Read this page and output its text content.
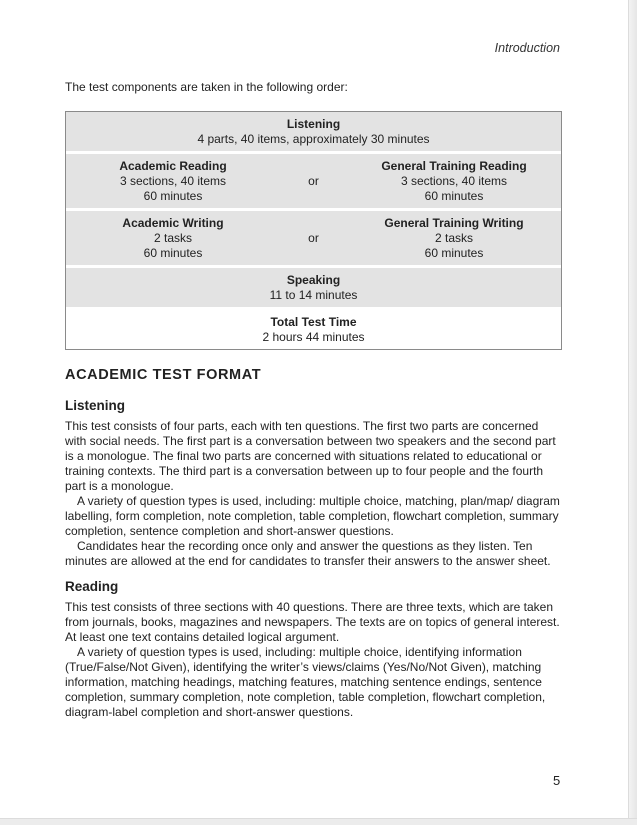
Introduction
The test components are taken in the following order:
Listening
4 parts, 40 items, approximately 30 minutes
Academic Reading
3 sections, 40 items
60 minutes
or
General Training Reading
3 sections, 40 items
60 minutes
Academic Writing
2 tasks
60 minutes
or
General Training Writing
2 tasks
60 minutes
Speaking
11 to 14 minutes
Total Test Time
2 hours 44 minutes
ACADEMIC TEST FORMAT
Listening

This test consists of four parts, each with ten questions. The first two parts are concerned with social needs. The first part is a conversation between two speakers and the second part is a monologue. The final two parts are concerned with situations related to educational or training contexts. The third part is a conversation between up to four people and the fourth part is a monologue.

A variety of question types is used, including: multiple choice, matching, plan/map/ diagram labelling, form completion, note completion, table completion, flowchart completion, summary completion, sentence completion and short-answer questions.

Candidates hear the recording once only and answer the questions as they listen. Ten minutes are allowed at the end for candidates to transfer their answers to the answer sheet.

Reading

This test consists of three sections with 40 questions. There are three texts, which are taken from journals, books, magazines and newspapers. The texts are on topics of general interest. At least one text contains detailed logical argument.

A variety of question types is used, including: multiple choice, identifying information (True/False/Not Given), identifying the writer’s views/claims (Yes/No/Not Given), matching information, matching headings, matching features, matching sentence endings, sentence completion, summary completion, note completion, table completion, flowchart completion, diagram-label completion and short-answer questions.

5
